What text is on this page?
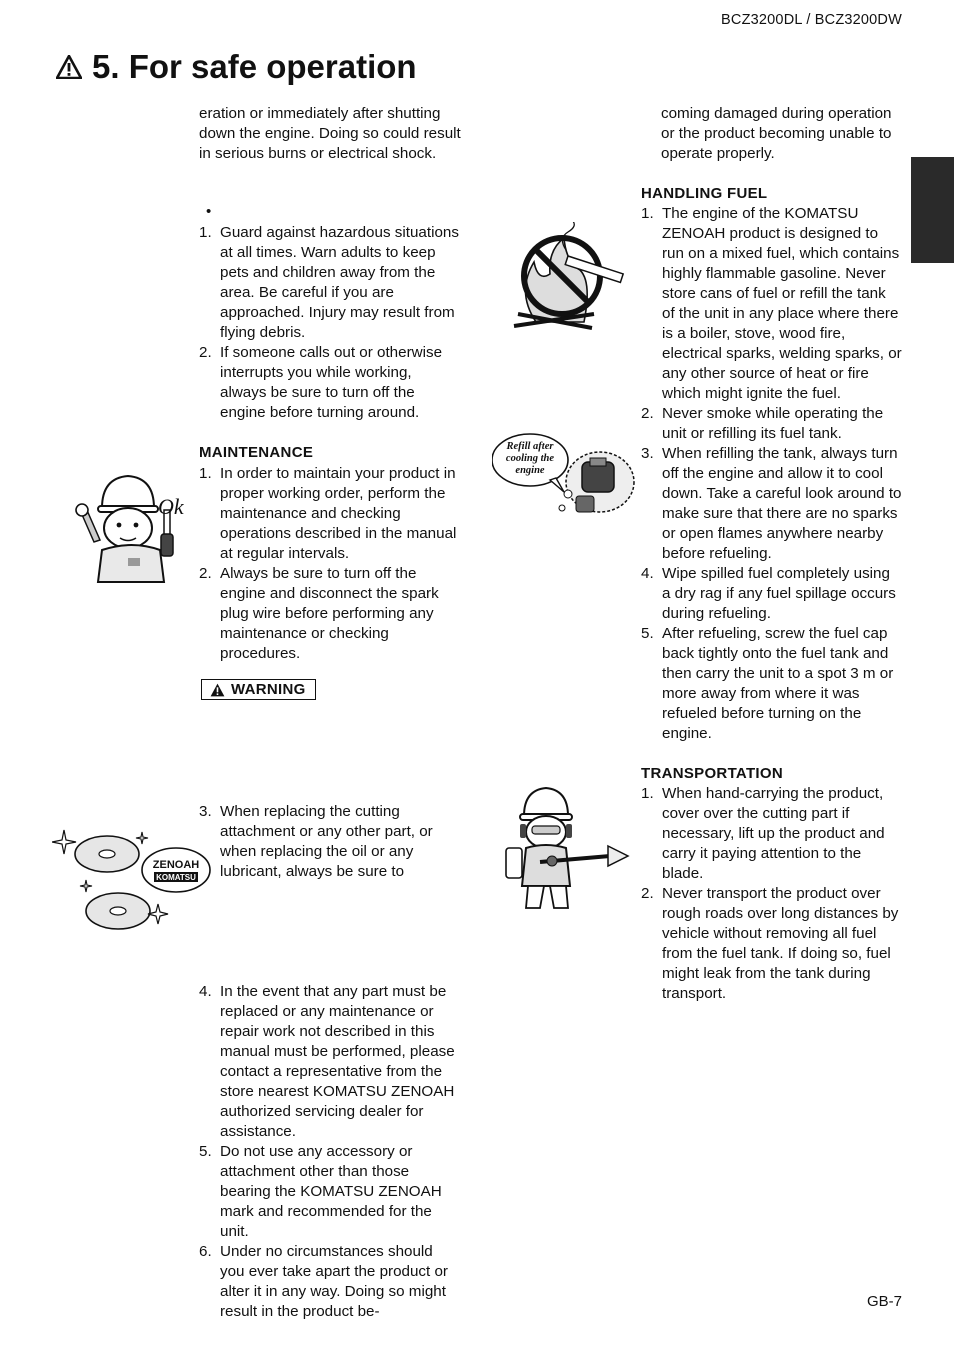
BCZ3200DL / BCZ3200DW
5. For safe operation

eration or immediately after shutting down the engine. Doing so could result in serious burns or electrical shock.

•
1. Guard against hazardous situations at all times. Warn adults to keep pets and children away from the area. Be careful if you are approached. Injury may result from flying debris.
2. If someone calls out or otherwise interrupts you while working, always be sure to turn off the engine before turning around.

MAINTENANCE

1. In order to maintain your product in proper working order, perform the maintenance and checking operations described in the manual at regular intervals.
2. Always be sure to turn off the engine and disconnect the spark plug wire before performing any maintenance or checking procedures.
WARNING
3. When replacing the cutting attachment or any other part, or when replacing the oil or any lubricant, always be sure to
4. In the event that any part must be replaced or any maintenance or repair work not described in this manual must be performed, please contact a representative from the store nearest KOMATSU ZENOAH authorized servicing dealer for assistance.
5. Do not use any accessory or attachment other than those bearing the KOMATSU ZENOAH mark and recommended for the unit.
6. Under no circumstances should you ever take apart the product or alter it in any way. Doing so might result in the product be-

coming damaged during operation or the product becoming unable to operate properly.

HANDLING FUEL

1. The engine of the KOMATSU ZENOAH product is designed to run on a mixed fuel, which contains highly flammable gasoline. Never store cans of fuel or refill the tank of the unit in any place where there is a boiler, stove, wood fire, electrical sparks, welding sparks, or any other source of heat or fire which might ignite the fuel.
2. Never smoke while operating the unit or refilling its fuel tank.
3. When refilling the tank, always turn off the engine and allow it to cool down. Take a careful look around to make sure that there are no sparks or open flames anywhere nearby before refueling.
4. Wipe spilled fuel completely using a dry rag if any fuel spillage occurs during refueling.
5. After refueling, screw the fuel cap back tightly onto the fuel tank and then carry the unit to a spot 3 m or more away from where it was refueled before turning on the engine.

TRANSPORTATION

1. When hand-carrying the product, cover over the cutting part if necessary, lift up the product and carry it paying attention to the blade.
2. Never transport the product over rough roads over long distances by vehicle without removing all fuel from the fuel tank. If doing so, fuel might leak from the tank during transport.
GB-7
Ok
ZENOAH
KOMATSU
Refill after
cooling the
engine
